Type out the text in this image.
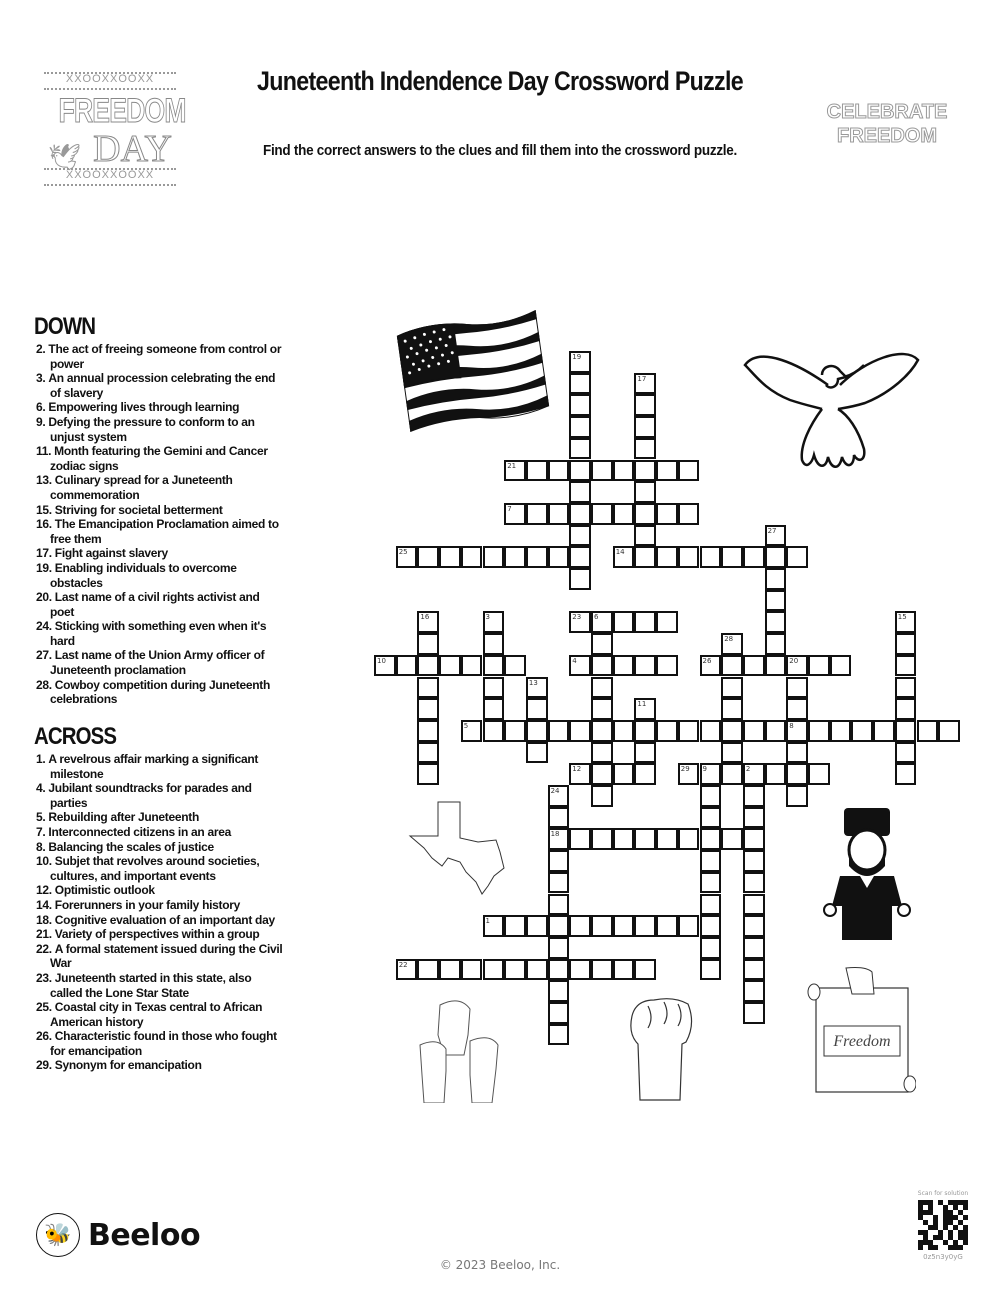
XXOOXXOOXX
FREEDOM
DAY
🕊
XXOOXXOOXX
Juneteenth Indendence Day Crossword Puzzle
Find the correct answers to the clues and fill them into the crossword puzzle.
CELEBRATE
FREEDOM
DOWN
2. The act of freeing someone from control or power
3. An annual procession celebrating the end of slavery
6. Empowering lives through learning
9. Defying the pressure to conform to an unjust system
11. Month featuring the Gemini and Cancer zodiac signs
13. Culinary spread for a Juneteenth commemoration
15. Striving for societal betterment
16. The Emancipation Proclamation aimed to free them
17. Fight against slavery
19. Enabling individuals to overcome obstacles
20. Last name of a civil rights activist and poet
24. Sticking with something even when it's hard
27. Last name of the Union Army officer of Juneteenth proclamation
28. Cowboy competition during Juneteenth celebrations
ACROSS
1. A revelrous affair marking a significant milestone
4. Jubilant soundtracks for parades and parties
5. Rebuilding after Juneteenth
7. Interconnected citizens in an area
8. Balancing the scales of justice
10. Subjet that revolves around societies, cultures, and important events
12. Optimistic outlook
14. Forerunners in your family history
18. Cognitive evaluation of an important day
21. Variety of perspectives within a group
22. A formal statement issued during the Civil War
23. Juneteenth started in this state, also called the Lone Star State
25. Coastal city in Texas central to African American history
26. Characteristic found in those who fought for emancipation
29. Synonym for emancipation
Freedom
19
17
21
7
25	14
27
16	3	23 6	15
28
10	4	26	20
8
13
11
5
12	29 9	2
24
18
1
22
🐝 Beeloo
© 2023 Beeloo, Inc.
Scan for solution
0z5n3y0yG
